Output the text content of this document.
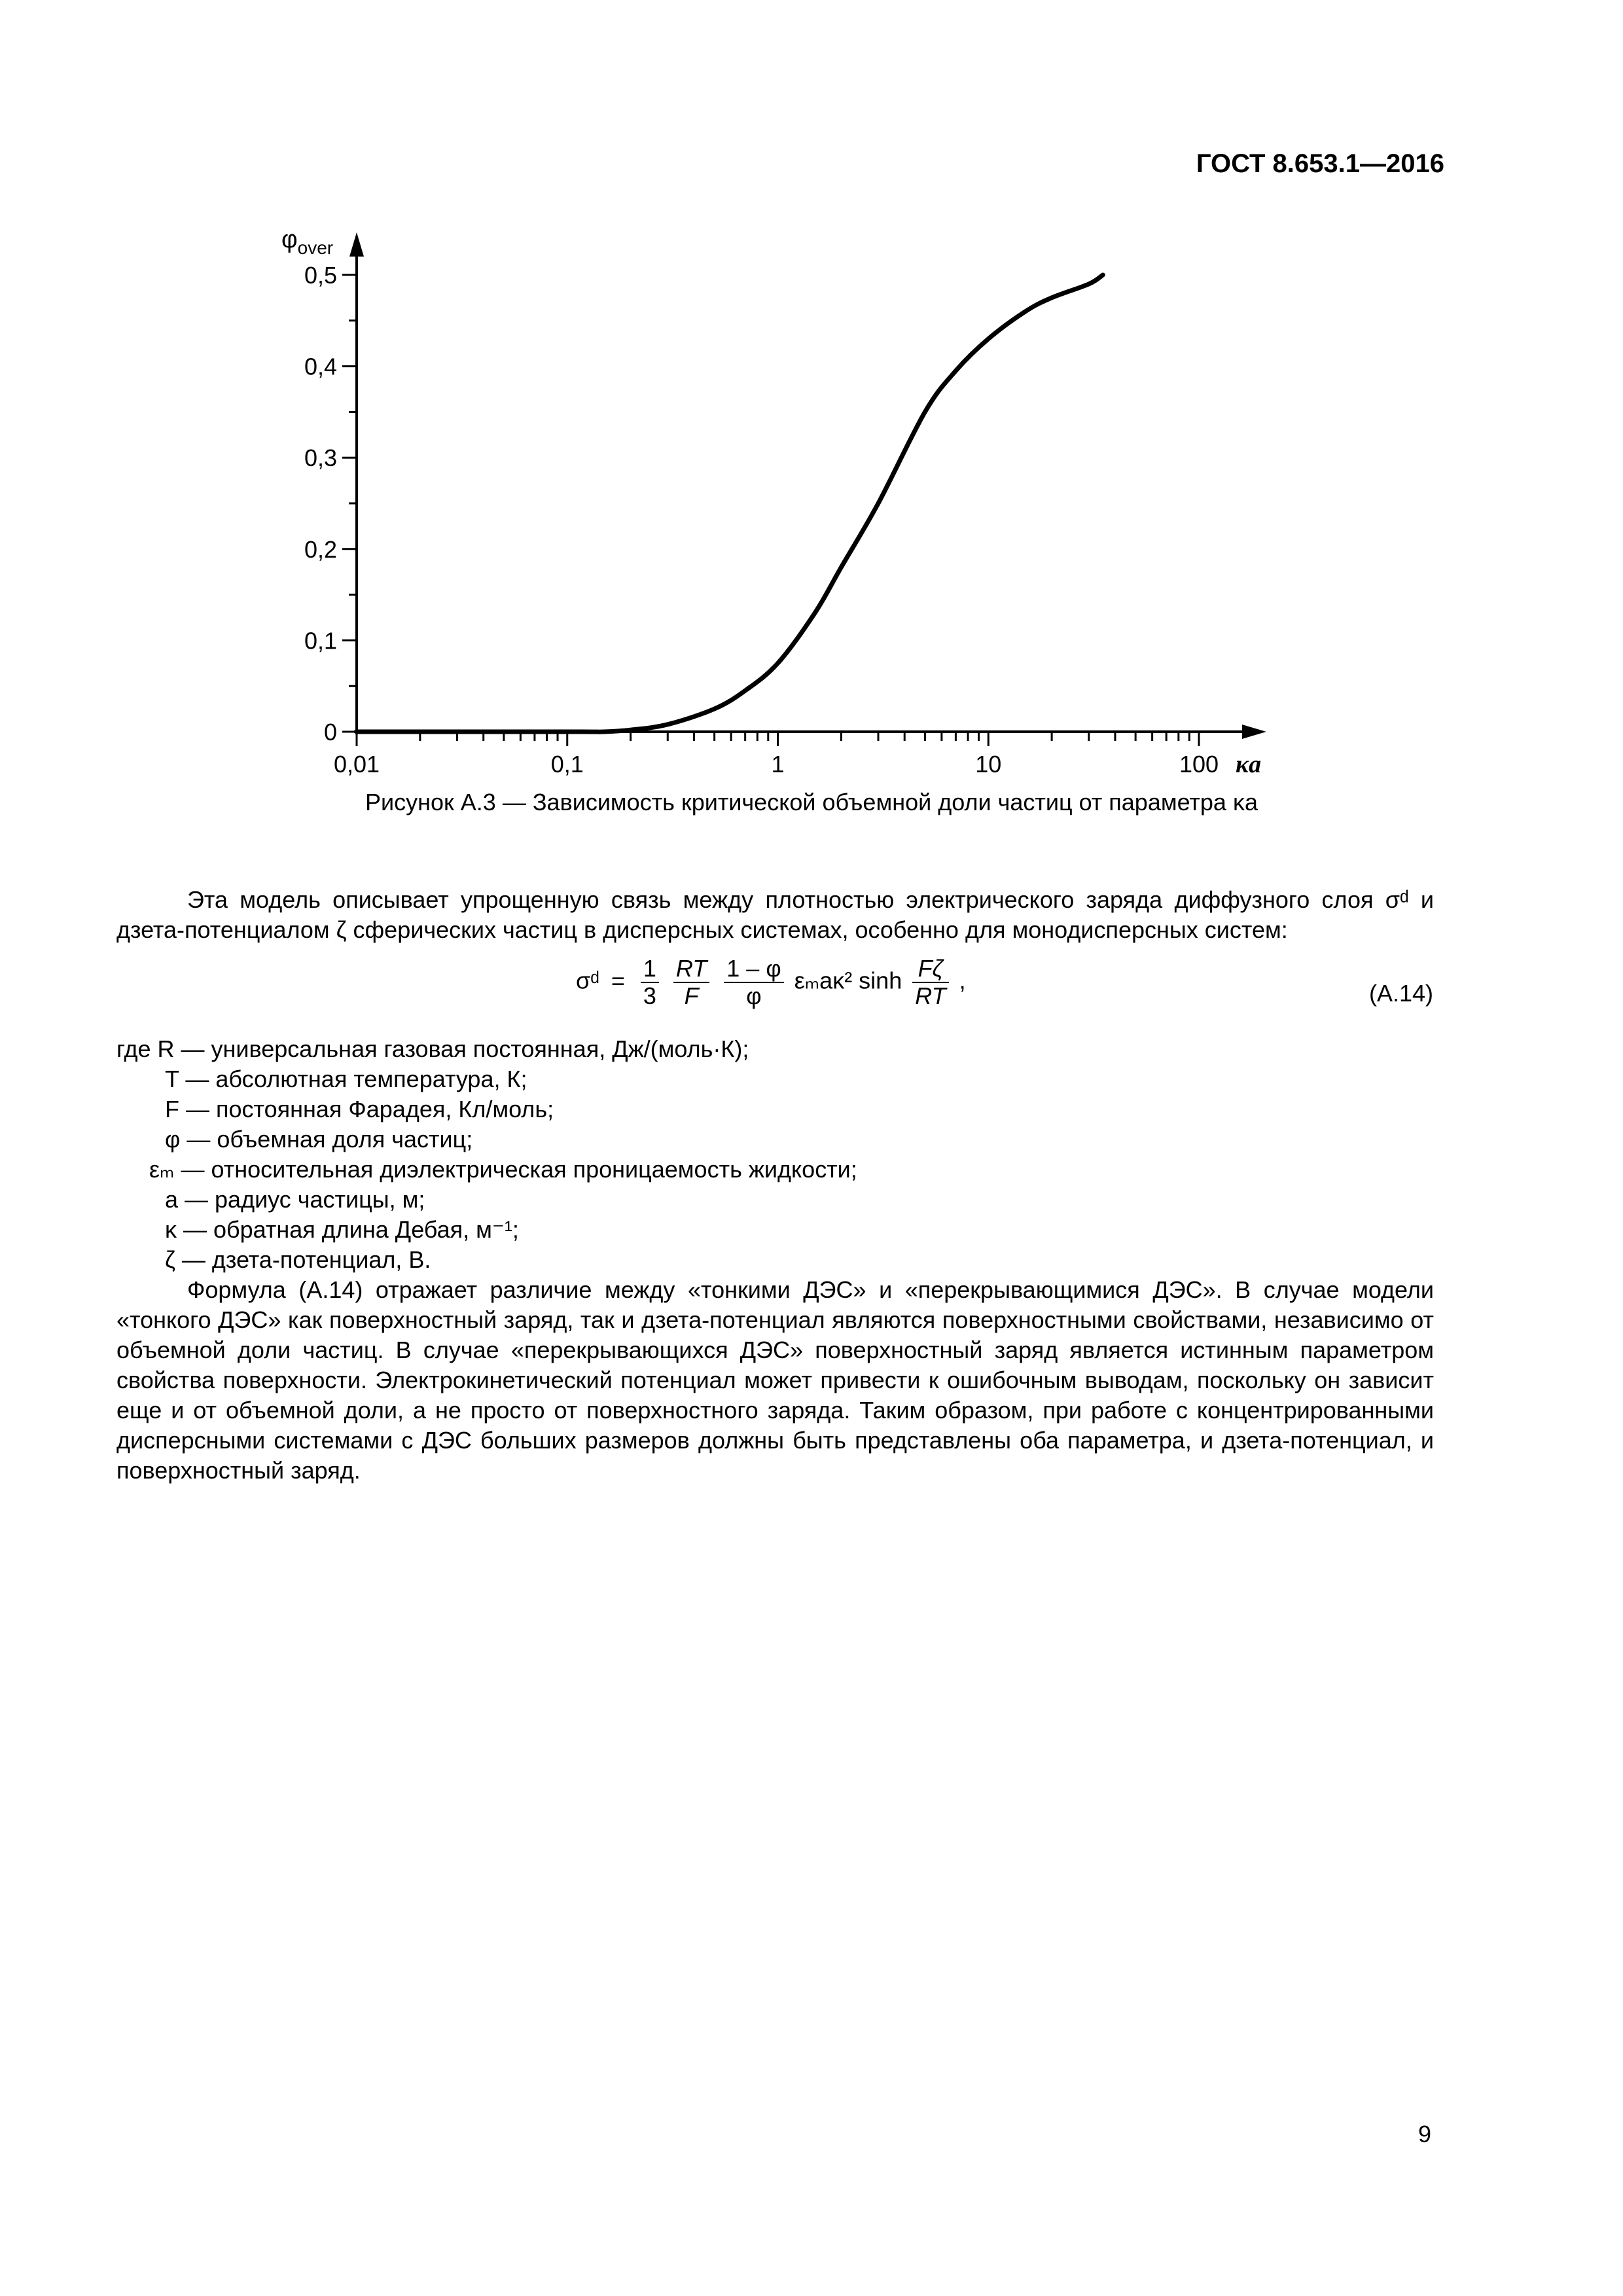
ГОСТ 8.653.1—2016
0
0,1
0,2
0,3
0,4
0,5
0,01	0,1	1	10	100
$\varphi_{over}$
κa
Рисунок А.3 — Зависимость критической объемной доли частиц от параметра κa
Эта модель описывает упрощенную связь между плотностью электрического заряда диффузного слоя σᵈ и дзета-потенциалом ζ сферических частиц в дисперсных системах, особенно для монодисперсных систем:
σᵈ = $\frac{1}{3}$
$\frac{RT}{F}$
$\frac{1 - \varphi}{\varphi} \varepsilon_ma\kappa^2$ $\sinh \frac{F\zeta}{RT}$ ,	(A.14)
где R — универсальная газовая постоянная, Дж/(моль·К);
T — абсолютная температура, К;
F — постоянная Фарадея, Кл/моль;
φ — объемная доля частиц;
εₘ — относительная диэлектрическая проницаемость жидкости;
a — радиус частицы, м;
κ — обратная длина Дебая, м⁻¹;
ζ — дзета-потенциал, В.
Формула (A.14) отражает различие между «тонкими ДЭС» и «перекрывающимися ДЭС». В случае модели «тонкого ДЭС» как поверхностный заряд, так и дзета-потенциал являются поверхностными свойствами, независимо от объемной доли частиц. В случае «перекрывающихся ДЭС» поверхностный заряд является истинным параметром свойства поверхности. Электрокинетический потенциал может привести к ошибочным выводам, поскольку он зависит еще и от объемной доли, а не просто от поверхностного заряда. Таким образом, при работе с концентрированными дисперсными системами с ДЭС больших размеров должны быть представлены оба параметра, и дзета-потенциал, и поверхностный заряд.
9
